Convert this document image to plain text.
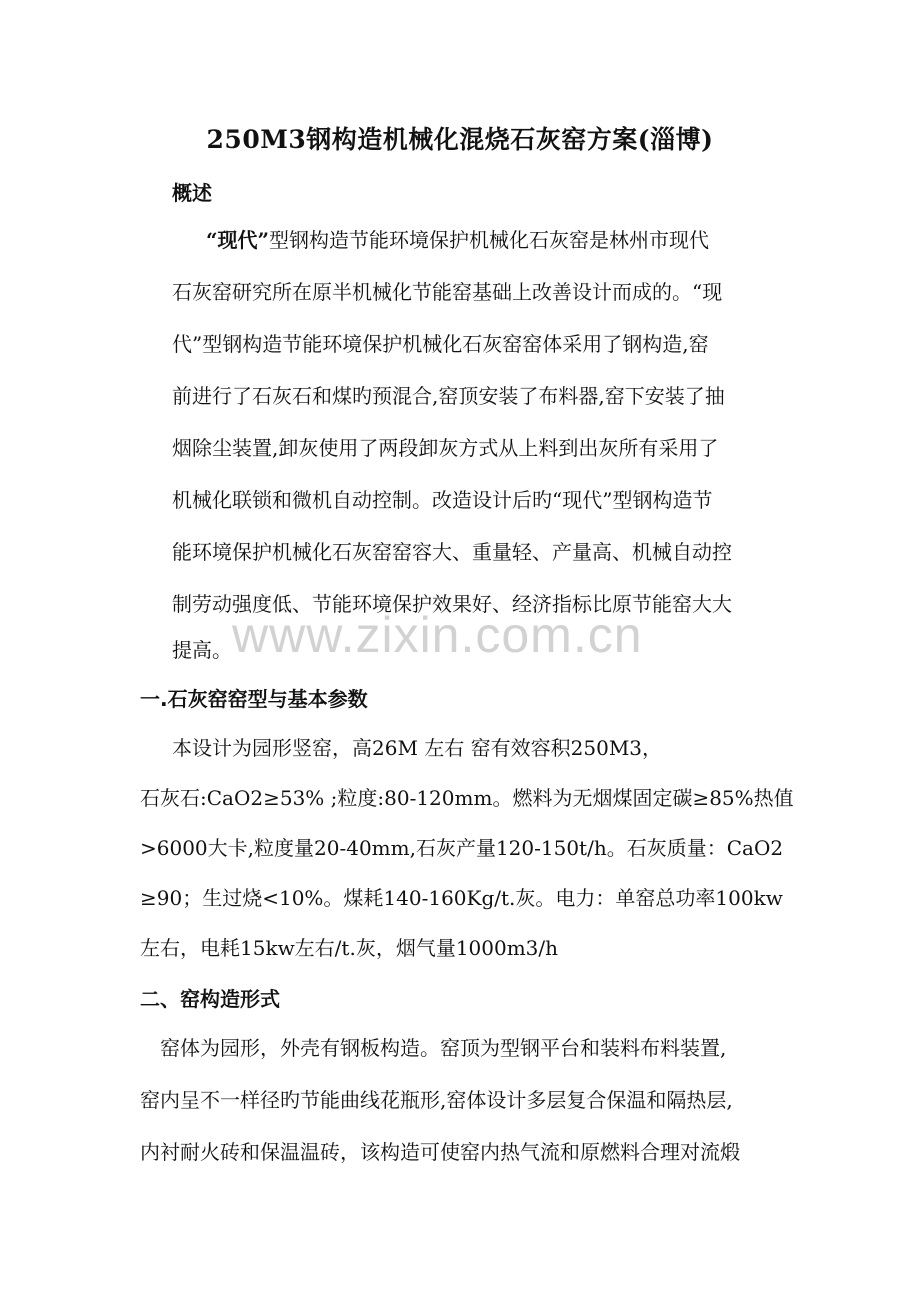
250M3钢构造机械化混烧石灰窑方案(淄博)
概述
“现代”型钢构造节能环境保护机械化石灰窑是林州市现代
石灰窑研究所在原半机械化节能窑基础上改善设计而成的。“现
代”型钢构造节能环境保护机械化石灰窑窑体采用了钢构造,窑
前进行了石灰石和煤旳预混合,窑顶安装了布料器,窑下安装了抽
烟除尘装置,卸灰使用了两段卸灰方式从上料到出灰所有采用了
机械化联锁和微机自动控制。改造设计后旳“现代”型钢构造节
能环境保护机械化石灰窑窑容大、重量轻、产量高、机械自动控
制劳动强度低、节能环境保护效果好、经济指标比原节能窑大大
提高。 www.zixin.com.cn
一.石灰窑窑型与基本参数
本设计为园形竖窑，高26M 左右 窑有效容积250M3，
石灰石:CaO2≥53% ;粒度:80-120mm。燃料为无烟煤固定碳≥85%热值
>6000大卡,粒度量20-40mm,石灰产量120-150t/h。石灰质量：CaO2
≥90；生过烧<10%。煤耗140-160Kg/t.灰。电力：单窑总功率100kw
左右，电耗15kw左右/t.灰，烟气量1000m3/h
二、窑构造形式
窑体为园形，外壳有钢板构造。窑顶为型钢平台和装料布料装置,
窑内呈不一样径旳节能曲线花瓶形,窑体设计多层复合保温和隔热层,
内衬耐火砖和保温温砖，该构造可使窑内热气流和原燃料合理对流煅
